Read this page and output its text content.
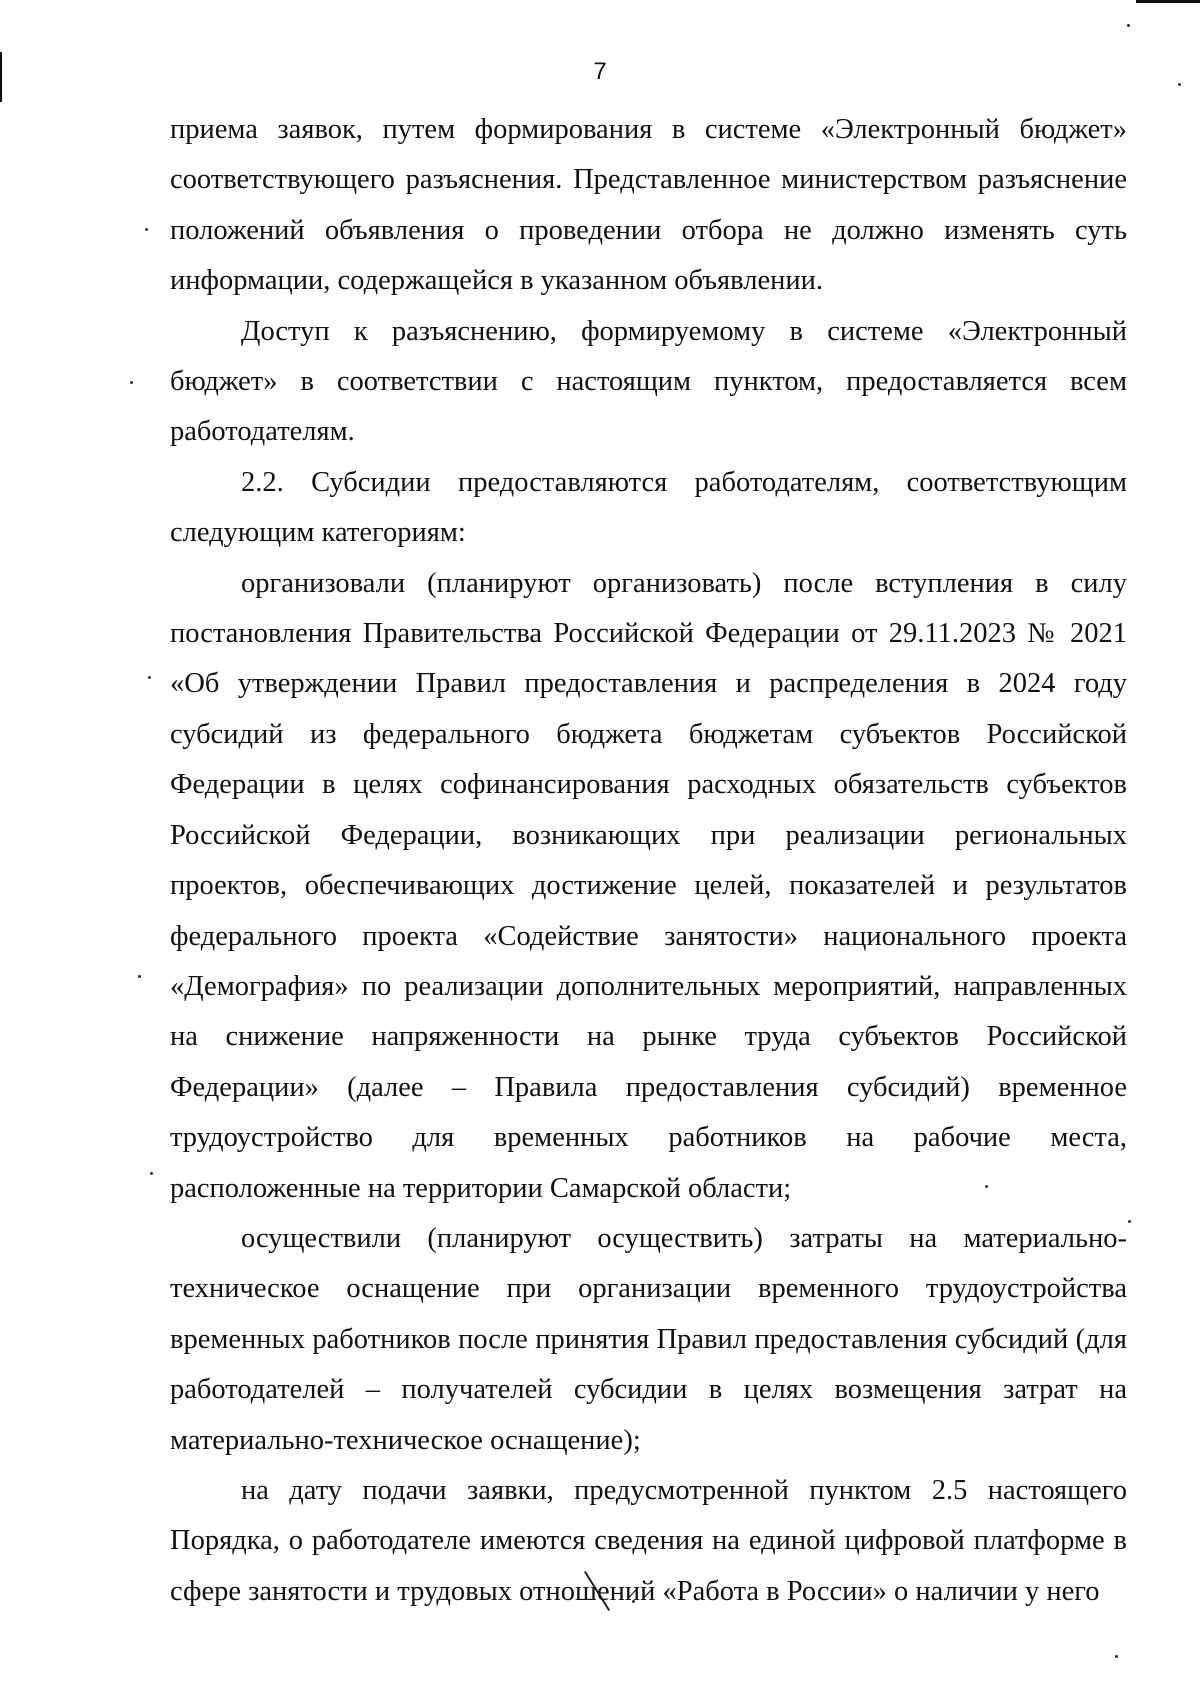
7

приема заявок, путем формирования в системе «Электронный бюджет» соответствующего разъяснения. Представленное министерством разъяснение положений объявления о проведении отбора не должно изменять суть информации, содержащейся в указанном объявлении.

Доступ к разъяснению, формируемому в системе «Электронный бюджет» в соответствии с настоящим пунктом, предоставляется всем работодателям.

2.2. Субсидии предоставляются работодателям, соответствующим следующим категориям:

организовали (планируют организовать) после вступления в силу постановления Правительства Российской Федерации от 29.11.2023 № 2021 «Об утверждении Правил предоставления и распределения в 2024 году субсидий из федерального бюджета бюджетам субъектов Российской Федерации в целях софинансирования расходных обязательств субъектов Российской Федерации, возникающих при реализации региональных проектов, обеспечивающих достижение целей, показателей и результатов федерального проекта «Содействие занятости» национального проекта «Демография» по реализации дополнительных мероприятий, направленных на снижение напряженности на рынке труда субъектов Российской Федерации» (далее – Правила предоставления субсидий) временное трудоустройство для временных работников на рабочие места, расположенные на территории Самарской области;

осуществили (планируют осуществить) затраты на материально-техническое оснащение при организации временного трудоустройства временных работников после принятия Правил предоставления субсидий (для работодателей – получателей субсидии в целях возмещения затрат на материально-техническое оснащение);

на дату подачи заявки, предусмотренной пунктом 2.5 настоящего Порядка, о работодателе имеются сведения на единой цифровой платформе в сфере занятости и трудовых отношений «Работа в России» о наличии у него
